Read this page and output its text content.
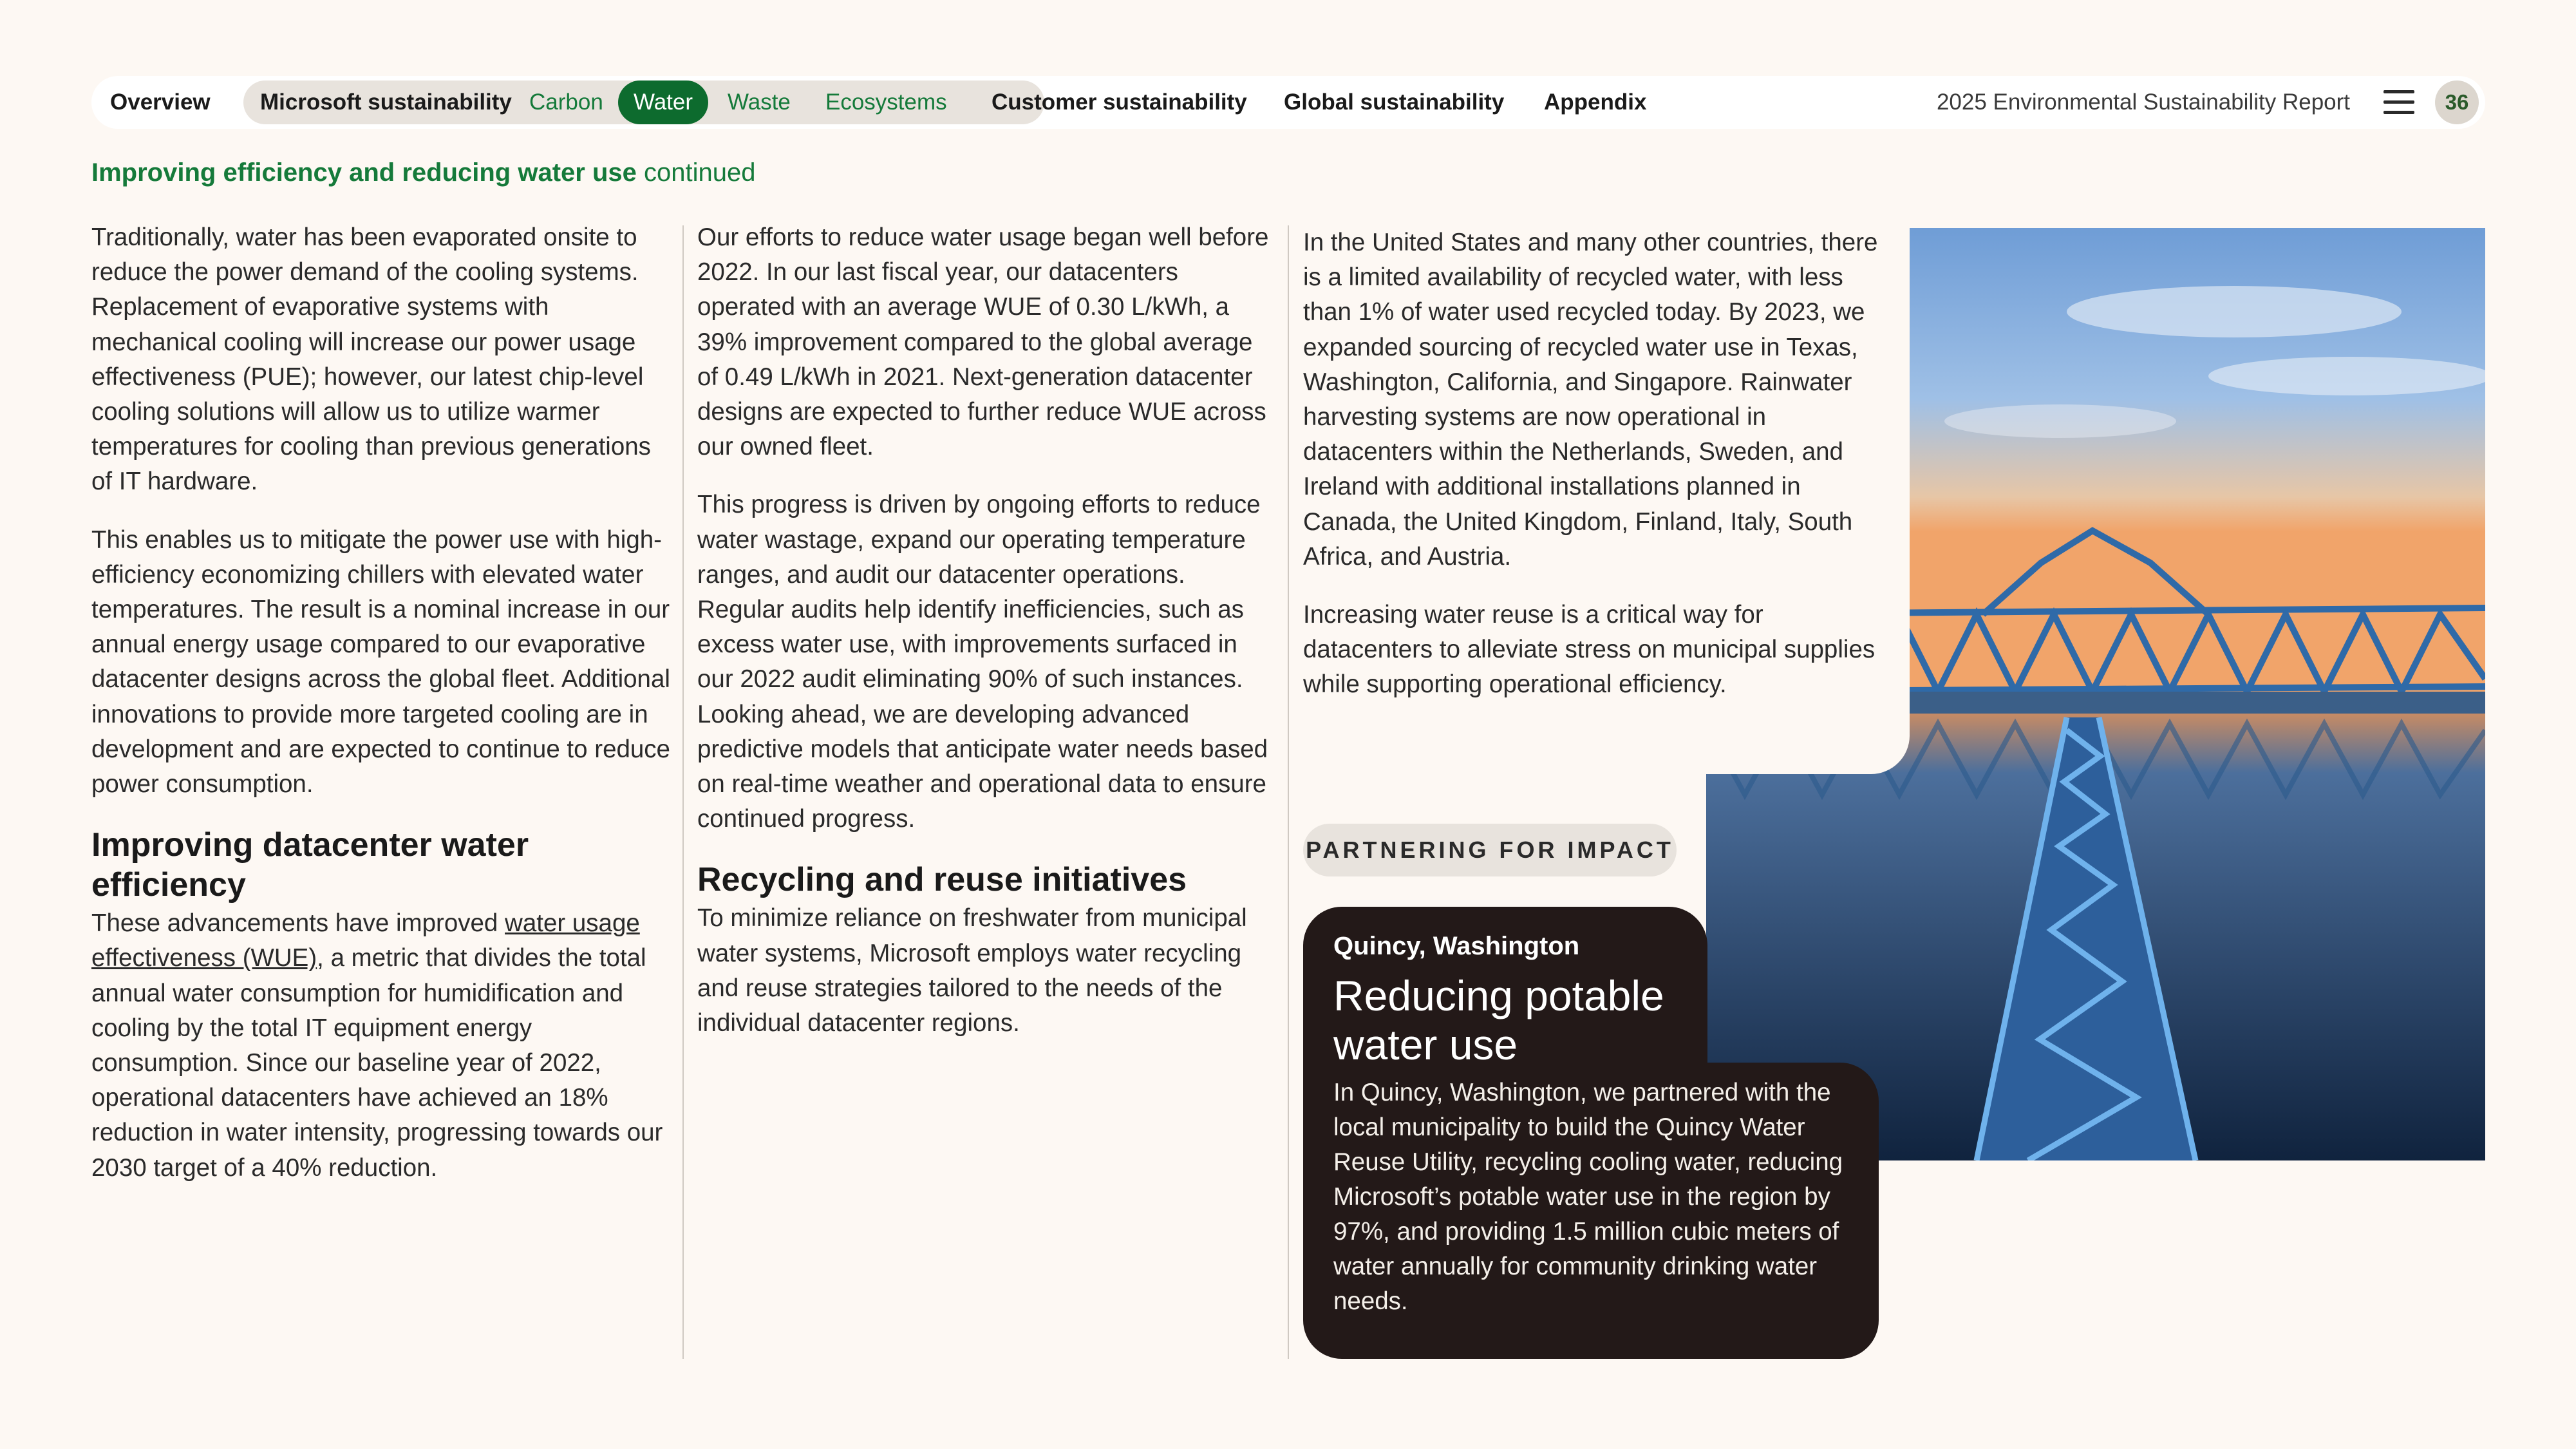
Overview Microsoft sustainability Carbon	Water	Waste Ecosystems Customer sustainability Global sustainability Appendix	2025 Environmental Sustainability Report	36
Improving efficiency and reducing water use continued

Traditionally, water has been evaporated onsite to reduce the power demand of the cooling systems. Replacement of evaporative systems with mechanical cooling will increase our power usage effectiveness (PUE); however, our latest chip-level cooling solutions will allow us to utilize warmer temperatures for cooling than previous generations of IT hardware.

This enables us to mitigate the power use with high-efficiency economizing chillers with elevated water temperatures. The result is a nominal increase in our annual energy usage compared to our evaporative datacenter designs across the global fleet. Additional innovations to provide more targeted cooling are in development and are expected to continue to reduce power consumption.

Improving datacenter water efficiency

These advancements have improved water usage effectiveness (WUE), a metric that divides the total annual water consumption for humidification and cooling by the total IT equipment energy consumption. Since our baseline year of 2022, operational datacenters have achieved an 18% reduction in water intensity, progressing towards our 2030 target of a 40% reduction.

Our efforts to reduce water usage began well before 2022. In our last fiscal year, our datacenters operated with an average WUE of 0.30 L/kWh, a 39% improvement compared to the global average of 0.49 L/kWh in 2021. Next-generation datacenter designs are expected to further reduce WUE across our owned fleet.

This progress is driven by ongoing efforts to reduce water wastage, expand our operating temperature ranges, and audit our datacenter operations. Regular audits help identify inefficiencies, such as excess water use, with improvements surfaced in our 2022 audit eliminating 90% of such instances. Looking ahead, we are developing advanced predictive models that anticipate water needs based on real-time weather and operational data to ensure continued progress.

Recycling and reuse initiatives

To minimize reliance on freshwater from municipal water systems, Microsoft employs water recycling and reuse strategies tailored to the needs of the individual datacenter regions.

In the United States and many other countries, there is a limited availability of recycled water, with less than 1% of water used recycled today. By 2023, we expanded sourcing of recycled water use in Texas, Washington, California, and Singapore. Rainwater harvesting systems are now operational in datacenters within the Netherlands, Sweden, and Ireland with additional installations planned in Canada, the United Kingdom, Finland, Italy, South Africa, and Austria.

Increasing water reuse is a critical way for datacenters to alleviate stress on municipal supplies while supporting operational efficiency.

PARTNERING FOR IMPACT
Quincy, Washington
Reducing potable water use
In Quincy, Washington, we partnered with the local municipality to build the Quincy Water Reuse Utility, recycling cooling water, reducing Microsoft’s potable water use in the region by 97%, and providing 1.5 million cubic meters of water annually for community drinking water needs.
